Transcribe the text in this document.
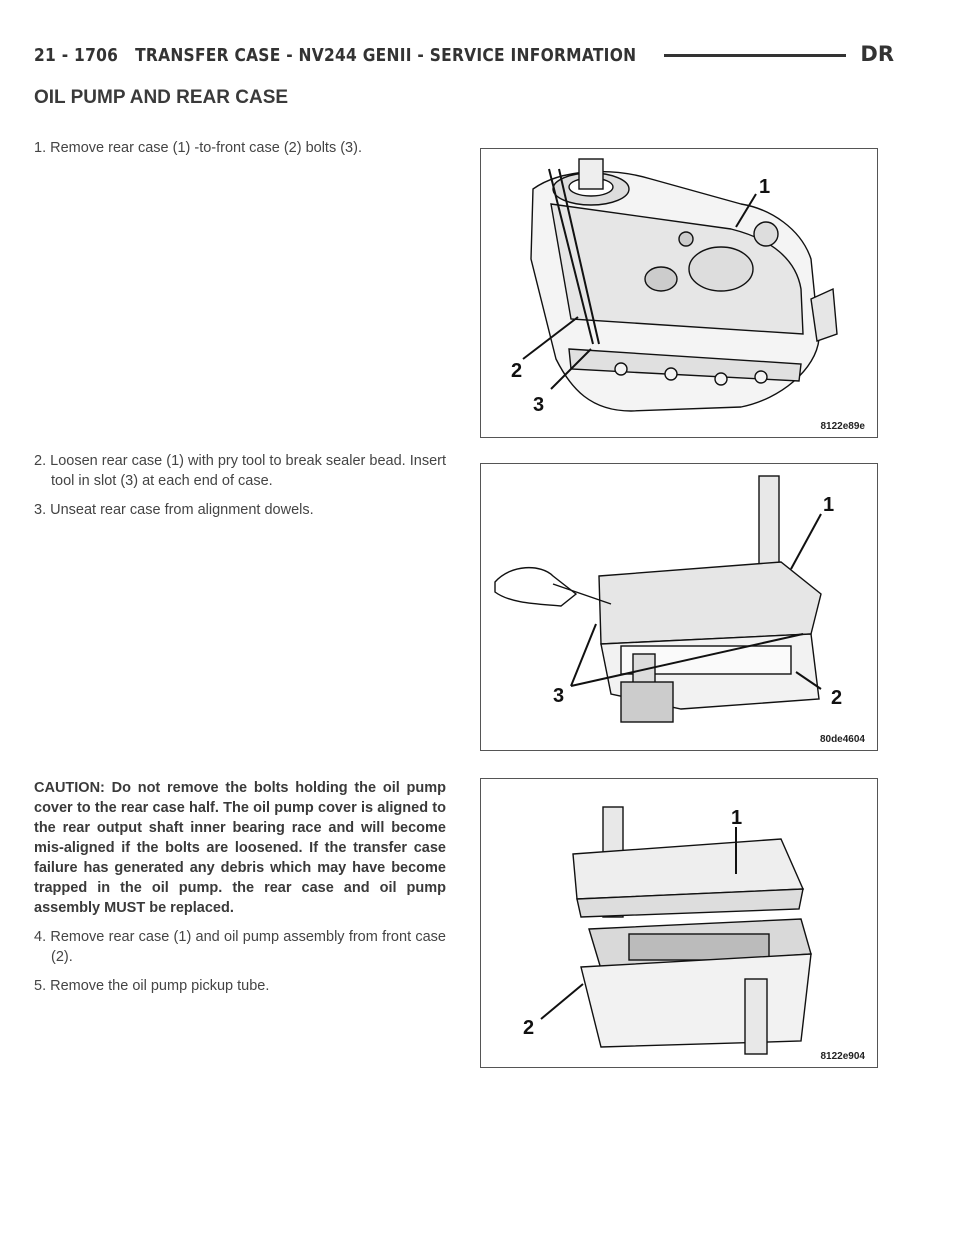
21 - 1706 TRANSFER CASE - NV244 GENII - SERVICE INFORMATION	DR
OIL PUMP AND REAR CASE

1. Remove rear case (1) -to-front case (2) bolts (3).

2. Loosen rear case (1) with pry tool to break sealer bead. Insert tool in slot (3) at each end of case.

3. Unseat rear case from alignment dowels.

CAUTION: Do not remove the bolts holding the oil pump cover to the rear case half. The oil pump cover is aligned to the rear output shaft inner bearing race and will become mis-aligned if the bolts are loosened. If the transfer case failure has generated any debris which may have become trapped in the oil pump. the rear case and oil pump assembly MUST be replaced.

4. Remove rear case (1) and oil pump assembly from front case (2).

5. Remove the oil pump pickup tube.

1
2
3
8122e89e
1
2
3
80de4604
1
2
8122e904
